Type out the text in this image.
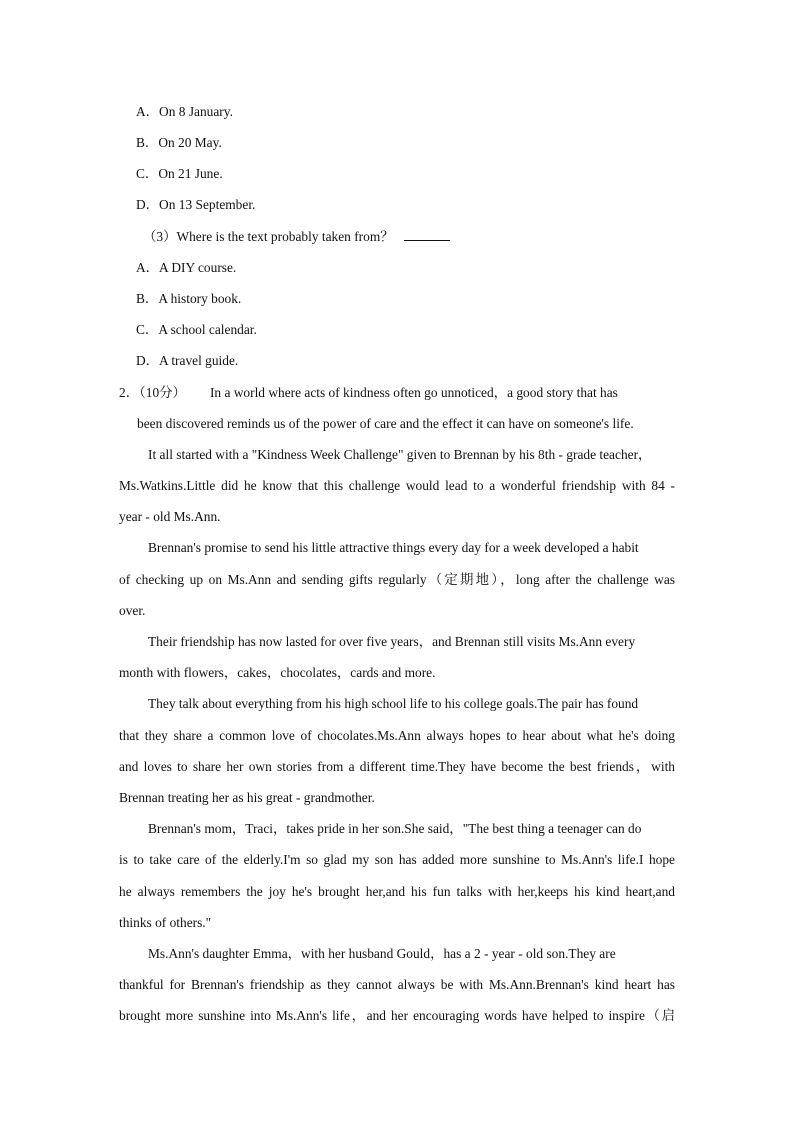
A．On 8 January.
B．On 20 May.
C．On 21 June.
D．On 13 September.
（3）Where is the text probably taken from？
A．A DIY course.
B．A history book.
C．A school calendar.
D．A travel guide.
2．（10分） In a world where acts of kindness often go unnoticed，a good story that has
been discovered reminds us of the power of care and the effect it can have on someone's life.
It all started with a "Kindness Week Challenge" given to Brennan by his 8th - grade teacher，
Ms.Watkins.Little did he know that this challenge would lead to a wonderful friendship with 84 -
year - old Ms.Ann.
Brennan's promise to send his little attractive things every day for a week developed a habit
of checking up on Ms.Ann and sending gifts regularly（定期地），long after the challenge was
over.
Their friendship has now lasted for over five years，and Brennan still visits Ms.Ann every
month with flowers，cakes，chocolates，cards and more.
They talk about everything from his high school life to his college goals.The pair has found
that they share a common love of chocolates.Ms.Ann always hopes to hear about what he's doing
and loves to share her own stories from a different time.They have become the best friends，with
Brennan treating her as his great - grandmother.
Brennan's mom，Traci，takes pride in her son.She said，"The best thing a teenager can do
is to take care of the elderly.I'm so glad my son has added more sunshine to Ms.Ann's life.I hope
he always remembers the joy he's brought her,and his fun talks with her,keeps his kind heart,and
thinks of others."
Ms.Ann's daughter Emma，with her husband Gould，has a 2 - year - old son.They are
thankful for Brennan's friendship as they cannot always be with Ms.Ann.Brennan's kind heart has
brought more sunshine into Ms.Ann's life，and her encouraging words have helped to inspire（启
